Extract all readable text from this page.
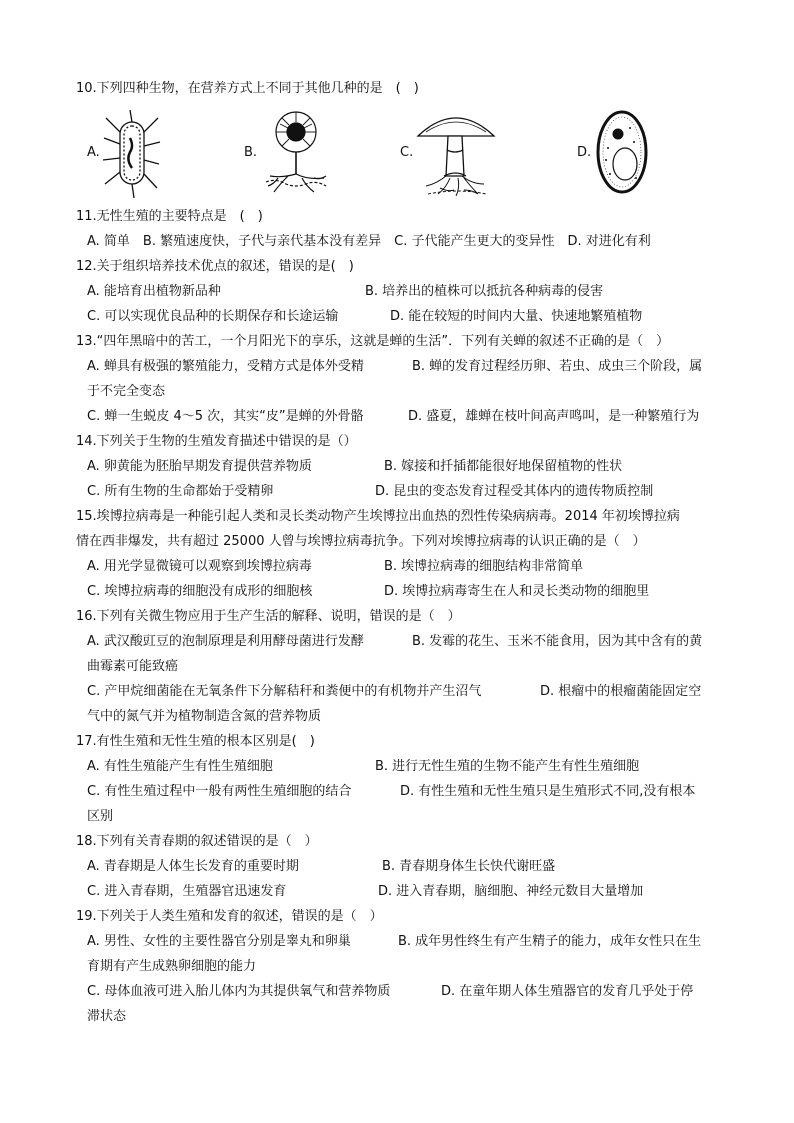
10.下列四种生物，在营养方式上不同于其他几种的是　(　)
A.	B.	C.	D.
11.无性生殖的主要特点是　(　)
A. 简单　B. 繁殖速度快，子代与亲代基本没有差异　C. 子代能产生更大的变异性　D. 对进化有利
12.关于组织培养技术优点的叙述，错误的是(　)
A. 能培育出植物新品种	B. 培养出的植株可以抵抗各种病毒的侵害
C. 可以实现优良品种的长期保存和长途运输	D. 能在较短的时间内大量、快速地繁殖植物
13.“四年黑暗中的苦工，一个月阳光下的享乐，这就是蝉的生活”．下列有关蝉的叙述不正确的是（　）
A. 蝉具有极强的繁殖能力，受精方式是体外受精	B. 蝉的发育过程经历卵、若虫、成虫三个阶段，属
于不完全变态
C. 蝉一生蜕皮 4～5 次，其实“皮”是蝉的外骨骼	D. 盛夏，雄蝉在枝叶间高声鸣叫，是一种繁殖行为
14.下列关于生物的生殖发育描述中错误的是（）
A. 卵黄能为胚胎早期发育提供营养物质	B. 嫁接和扦插都能很好地保留植物的性状
C. 所有生物的生命都始于受精卵	D. 昆虫的变态发育过程受其体内的遗传物质控制
15.埃博拉病毒是一种能引起人类和灵长类动物产生埃博拉出血热的烈性传染病病毒。2014 年初埃博拉病
情在西非爆发，共有超过 25000 人曾与埃博拉病毒抗争。下列对埃博拉病毒的认识正确的是（　）
A. 用光学显微镜可以观察到埃博拉病毒	B. 埃博拉病毒的细胞结构非常简单
C. 埃博拉病毒的细胞没有成形的细胞核	D. 埃博拉病毒寄生在人和灵长类动物的细胞里
16.下列有关微生物应用于生产生活的解释、说明，错误的是（　）
A. 武汉酸豇豆的泡制原理是利用酵母菌进行发酵	B. 发霉的花生、玉米不能食用，因为其中含有的黄
曲霉素可能致癌
C. 产甲烷细菌能在无氧条件下分解秸秆和粪便中的有机物并产生沼气	D. 根瘤中的根瘤菌能固定空
气中的氮气并为植物制造含氮的营养物质
17.有性生殖和无性生殖的根本区别是(　)
A. 有性生殖能产生有性生殖细胞	B. 进行无性生殖的生物不能产生有性生殖细胞
C. 有性生殖过程中一般有两性生殖细胞的结合	D. 有性生殖和无性生殖只是生殖形式不同,没有根本
区别
18.下列有关青春期的叙述错误的是（　）
A. 青春期是人体生长发育的重要时期	B. 青春期身体生长快代谢旺盛
C. 进入青春期，生殖器官迅速发育	D. 进入青春期，脑细胞、神经元数目大量增加
19.下列关于人类生殖和发育的叙述，错误的是（　）
A. 男性、女性的主要性器官分别是睾丸和卵巢	B. 成年男性终生有产生精子的能力，成年女性只在生
育期有产生成熟卵细胞的能力
C. 母体血液可进入胎儿体内为其提供氧气和营养物质	D. 在童年期人体生殖器官的发育几乎处于停
滞状态
